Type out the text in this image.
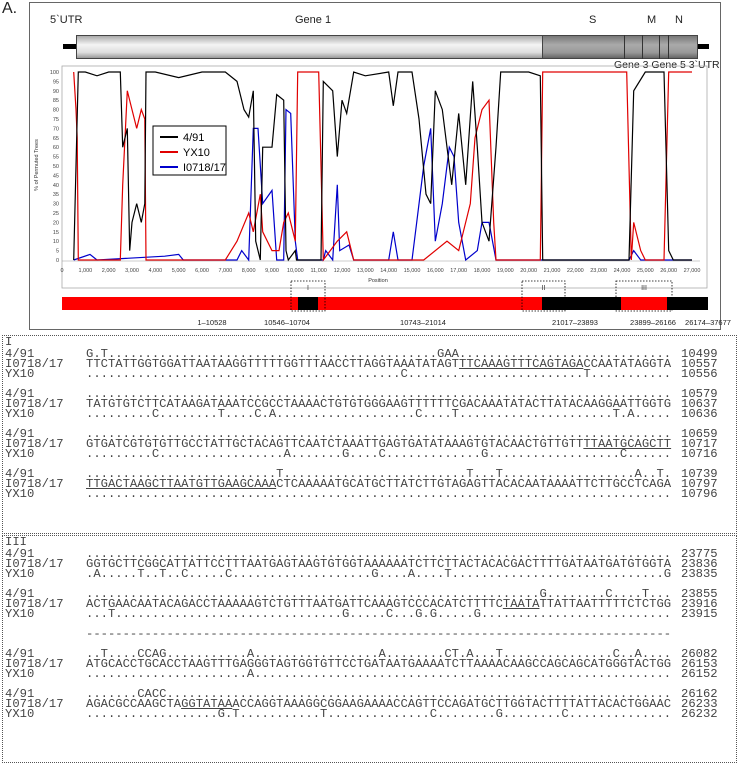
A.
5`UTR	Gene 1	S	M N
Gene 3 Gene 5 3`UTR
0	1,000 2,000 3,000 4,000 5,000 6,000 7,000 8,000 9,000 10,000 11,000 12,000 13,000 14,000 15,000 16,000 17,000 18,000 19,000 20,000 21,000 22,000 23,000 24,000 25,000 26,000 27,000
0
5
10
15
20
25
30
35
40
45
50
55
60
65
70
75
80
85
90
95
100
% of Permuted Trees
Position
4/91
YX10
I0718/17
1–10528	10546–10704	10743–21014	21017–23893	23899–26166 26174–37677
I	II	III
I
4/91	G.T.............................................GAA............................. 10499
I0718/17 TTCTATTGGTGGATTAATAAGGTTTTTGGTTTAACCTTAGGTAAATATAGTTTCAAAGTTTCAGTAGACCAATATAGGTA 10557
YX10	...........................................C........................T........... 10556
4/91	................................................................................ 10579
I0718/17 TATGTGTCTTCATAAGATAAATCCGCCTAAAACTGTGTGGGAAGTTTTTTCGACAAATATACTTATACAAGGAATTGGTG 10637
YX10	.........C........T....C.A...................C....T.....................T.A..... 10636
4/91	................................................................................ 10659
I0718/17 GTGATCGTGTGTTGCCTATTGCTACAGTTCAATCTAAATTGAGTGATATAAAGTGTACAACTGTTGTTTTAATGCAGCTT 10717
YX10	.........C.................A.......G....C.............G..................C...... 10716
4/91	..........................T.........................T...T..................A..T. 10739
I0718/17 TTGACTAAGCTTAATGTTGAAGCAAACTCAAAAATGCATGCTTATCTTGTAGAGTTACACAATAAAATTCTTGCCTCAGA 10797
YX10	................................................................................ 10796
III
4/91	................................................................................ 23775
I0718/17 GGTGCTTCGGCATTATTCCTTTAATGAGTAAGTGTGGTAAAAAATCTTCTTACTACACGACTTTTGATAATGATGTGGTA 23836
YX10	.A.....T..T..C.....C...................G....A....T.............................G 23835
4/91	..............................................................G........C....T... 23855
I0718/17 ACTGAACAATACAGACCTAAAAAGTCTGTTTAATGATTCAAAGTCCCACATCTTTTCTAATATTATTAATTTTTCTCTGG 23916
YX10	...T...............................G.....C...G.G.....G.......................... 23915
--------------------------------------------------------------------------------
4/91	..T....CCAG...........A.................A........CT.A...T...............C..A.... 26082
I0718/17 ATGCACCTGCACCTAAGTTTGAGGGTAGTGGTGTTCCTGATAATGAAAATCTTAAAACAAGCCAGCAGCATGGGTACTGG 26153
YX10	......................A......................................................... 26152
4/91	.......CACC..................................................................... 26162
I0718/17 AGACGCCAAGCTAGGTATAAACCAGGTAAAGGCGGAAGAAAACCAGTTCCAGATGCTTGGTACTTTTATTACACTGGAAC 26233
YX10	..................G.T...........T..............C........G........C.............. 26232
